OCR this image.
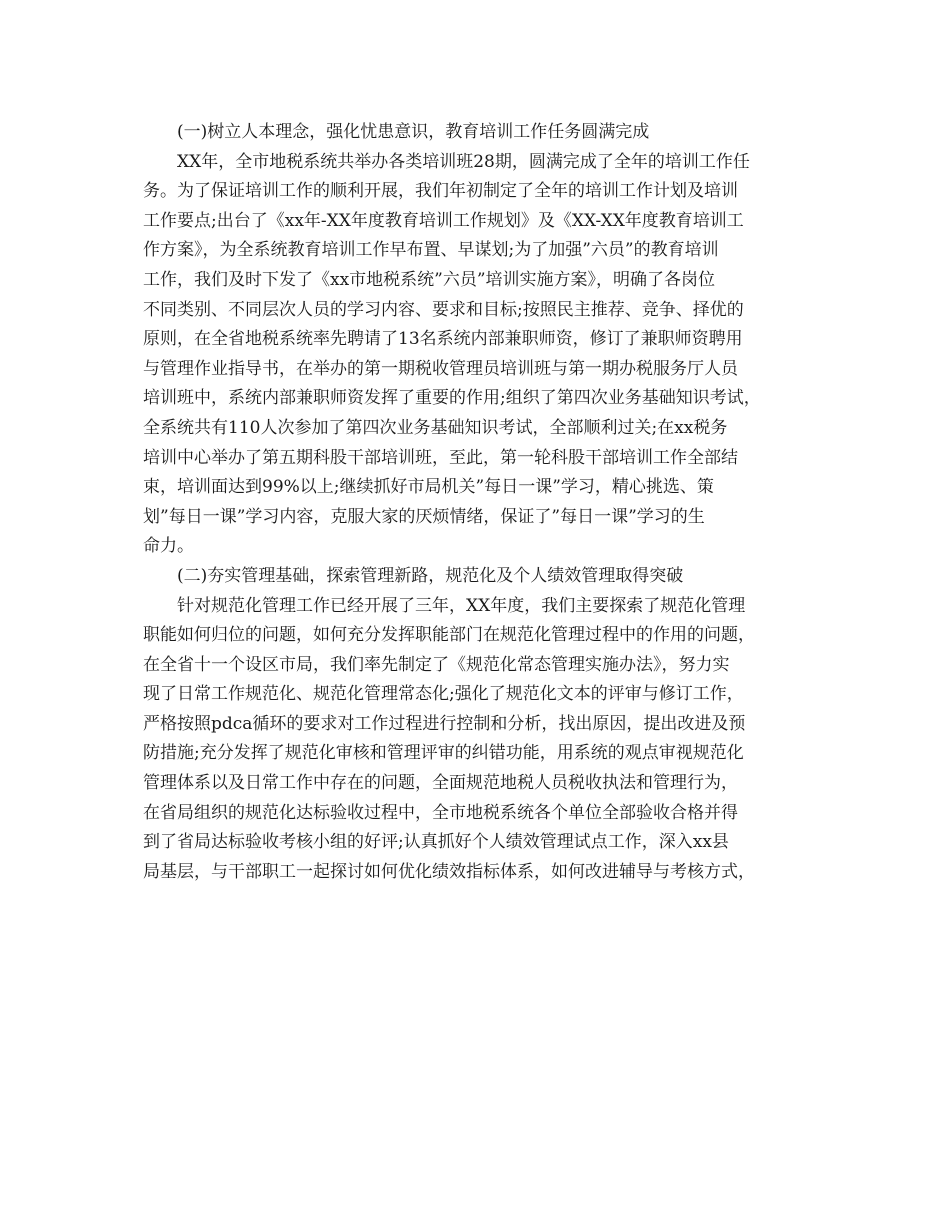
(一)树立人本理念，强化忧患意识，教育培训工作任务圆满完成
XX年，全市地税系统共举办各类培训班28期，圆满完成了全年的培训工作任
务。为了保证培训工作的顺利开展，我们年初制定了全年的培训工作计划及培训
工作要点;出台了《xx年-XX年度教育培训工作规划》及《XX-XX年度教育培训工
作方案》，为全系统教育培训工作早布置、早谋划;为了加强”六员”的教育培训
工作，我们及时下发了《xx市地税系统”六员”培训实施方案》，明确了各岗位
不同类别、不同层次人员的学习内容、要求和目标;按照民主推荐、竞争、择优的
原则，在全省地税系统率先聘请了13名系统内部兼职师资，修订了兼职师资聘用
与管理作业指导书，在举办的第一期税收管理员培训班与第一期办税服务厅人员
培训班中，系统内部兼职师资发挥了重要的作用;组织了第四次业务基础知识考试，
全系统共有110人次参加了第四次业务基础知识考试，全部顺利过关;在xx税务
培训中心举办了第五期科股干部培训班，至此，第一轮科股干部培训工作全部结
束，培训面达到99%以上;继续抓好市局机关”每日一课”学习，精心挑选、策
划”每日一课”学习内容，克服大家的厌烦情绪，保证了”每日一课”学习的生
命力。
(二)夯实管理基础，探索管理新路，规范化及个人绩效管理取得突破
针对规范化管理工作已经开展了三年，XX年度，我们主要探索了规范化管理
职能如何归位的问题，如何充分发挥职能部门在规范化管理过程中的作用的问题，
在全省十一个设区市局，我们率先制定了《规范化常态管理实施办法》，努力实
现了日常工作规范化、规范化管理常态化;强化了规范化文本的评审与修订工作，
严格按照pdca循环的要求对工作过程进行控制和分析，找出原因，提出改进及预
防措施;充分发挥了规范化审核和管理评审的纠错功能，用系统的观点审视规范化
管理体系以及日常工作中存在的问题，全面规范地税人员税收执法和管理行为，
在省局组织的规范化达标验收过程中，全市地税系统各个单位全部验收合格并得
到了省局达标验收考核小组的好评;认真抓好个人绩效管理试点工作，深入xx县
局基层，与干部职工一起探讨如何优化绩效指标体系，如何改进辅导与考核方式，
